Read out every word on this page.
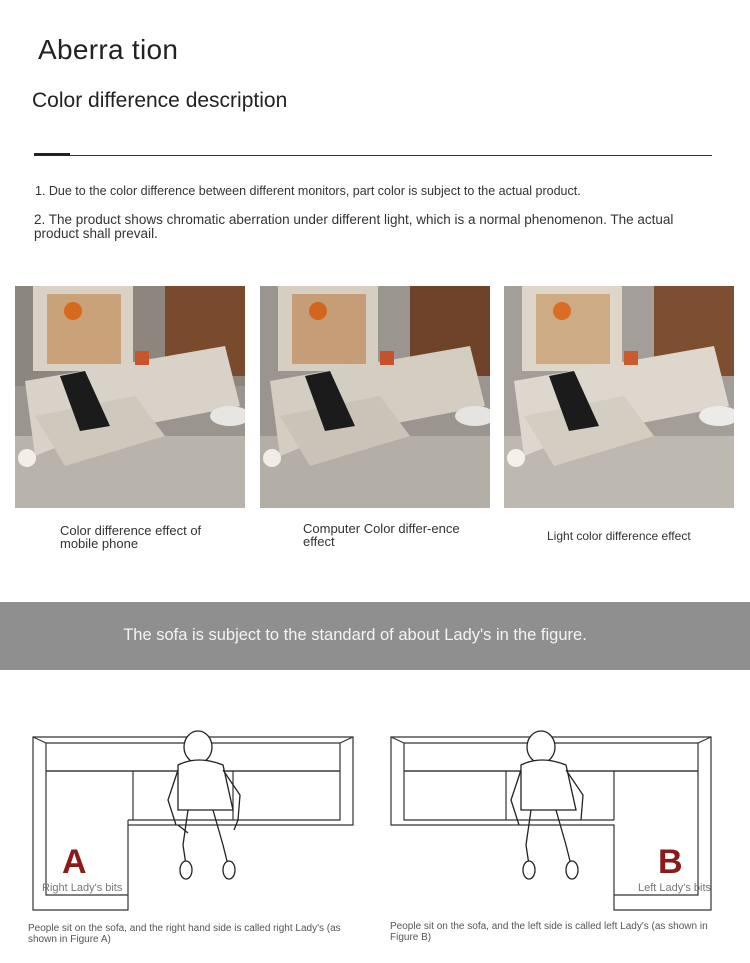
Aberra tion
Color difference description
1. Due to the color difference between different monitors, part color is subject to the actual product.
2. The product shows chromatic aberration under different light, which is a normal phenomenon. The actual product shall prevail.
Color difference effect of mobile phone
Computer Color differ-ence effect	Light color difference effect
The sofa is subject to the standard of about Lady's in the figure.
A
Right Lady's bits
People sit on the sofa, and the right hand side is called right Lady's (as shown in Figure A)
B
Left Lady's bits
People sit on the sofa, and the left side is called left Lady's (as shown in Figure B)
